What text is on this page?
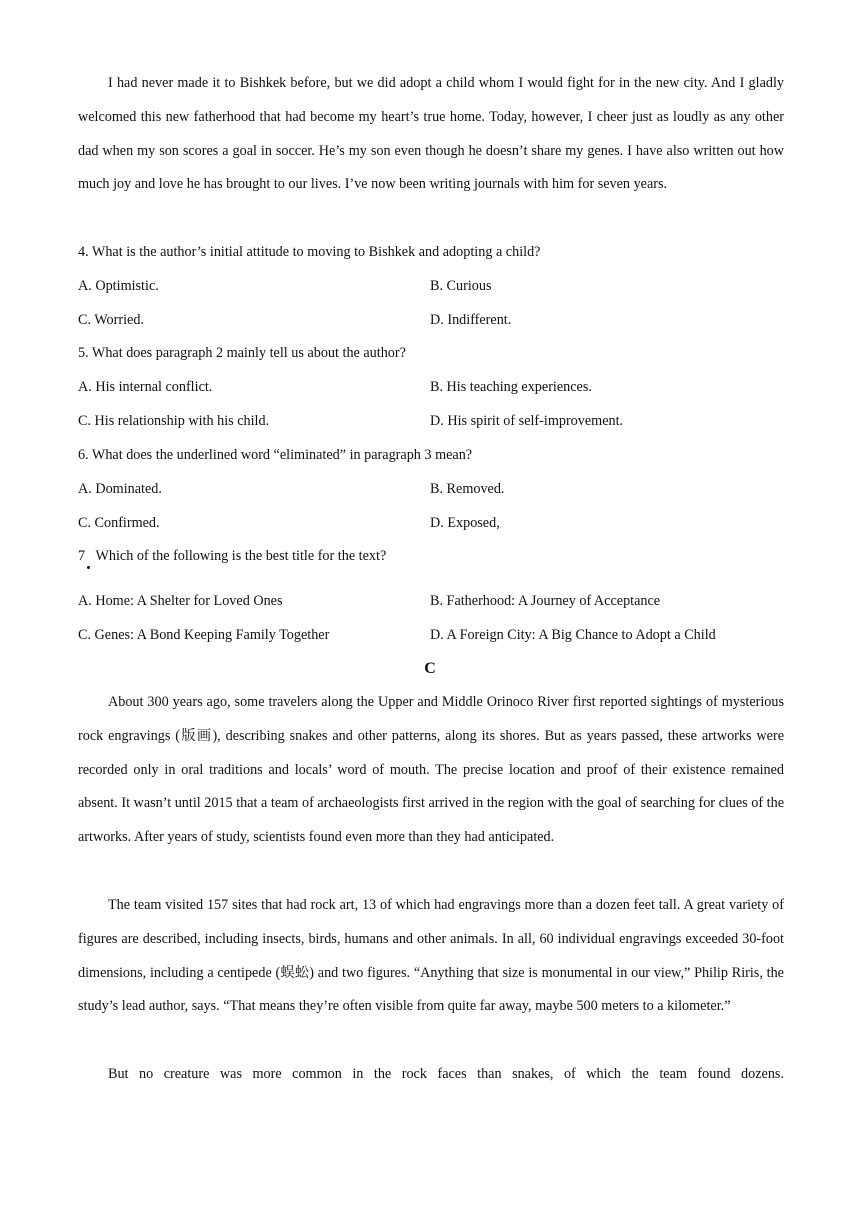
I had never made it to Bishkek before, but we did adopt a child whom I would fight for in the new city. And I gladly welcomed this new fatherhood that had become my heart’s true home. Today, however, I cheer just as loudly as any other dad when my son scores a goal in soccer. He’s my son even though he doesn’t share my genes. I have also written out how much joy and love he has brought to our lives. I’ve now been writing journals with him for seven years.

4. What is the author’s initial attitude to moving to Bishkek and adopting a child?
A. Optimistic.	B. Curious
C. Worried.	D. Indifferent.
5. What does paragraph 2 mainly tell us about the author?
A. His internal conflict.	B. His teaching experiences.
C. His relationship with his child.	D. His spirit of self-improvement.
6. What does the underlined word “eliminated” in paragraph 3 mean?
A. Dominated.	B. Removed.
C. Confirmed.	D. Exposed,
7   Which of the following is the best title for the text?
A. Home: A Shelter for Loved Ones	B. Fatherhood: A Journey of Acceptance
C. Genes: A Bond Keeping Family Together	D. A Foreign City: A Big Chance to Adopt a Child
C

About 300 years ago, some travelers along the Upper and Middle Orinoco River first reported sightings of mysterious rock engravings (版画), describing snakes and other patterns, along its shores. But as years passed, these artworks were recorded only in oral traditions and locals’ word of mouth. The precise location and proof of their existence remained absent. It wasn’t until 2015 that a team of archaeologists first arrived in the region with the goal of searching for clues of the artworks. After years of study, scientists found even more than they had anticipated.

The team visited 157 sites that had rock art, 13 of which had engravings more than a dozen feet tall. A great variety of figures are described, including insects, birds, humans and other animals. In all, 60 individual engravings exceeded 30-foot dimensions, including a centipede (蜈蚣) and two figures. “Anything that size is monumental in our view,” Philip Riris, the study’s lead author, says. “That means they’re often visible from quite far away, maybe 500 meters to a kilometer.”

But no creature was more common in the rock faces than snakes, of which the team found dozens.
